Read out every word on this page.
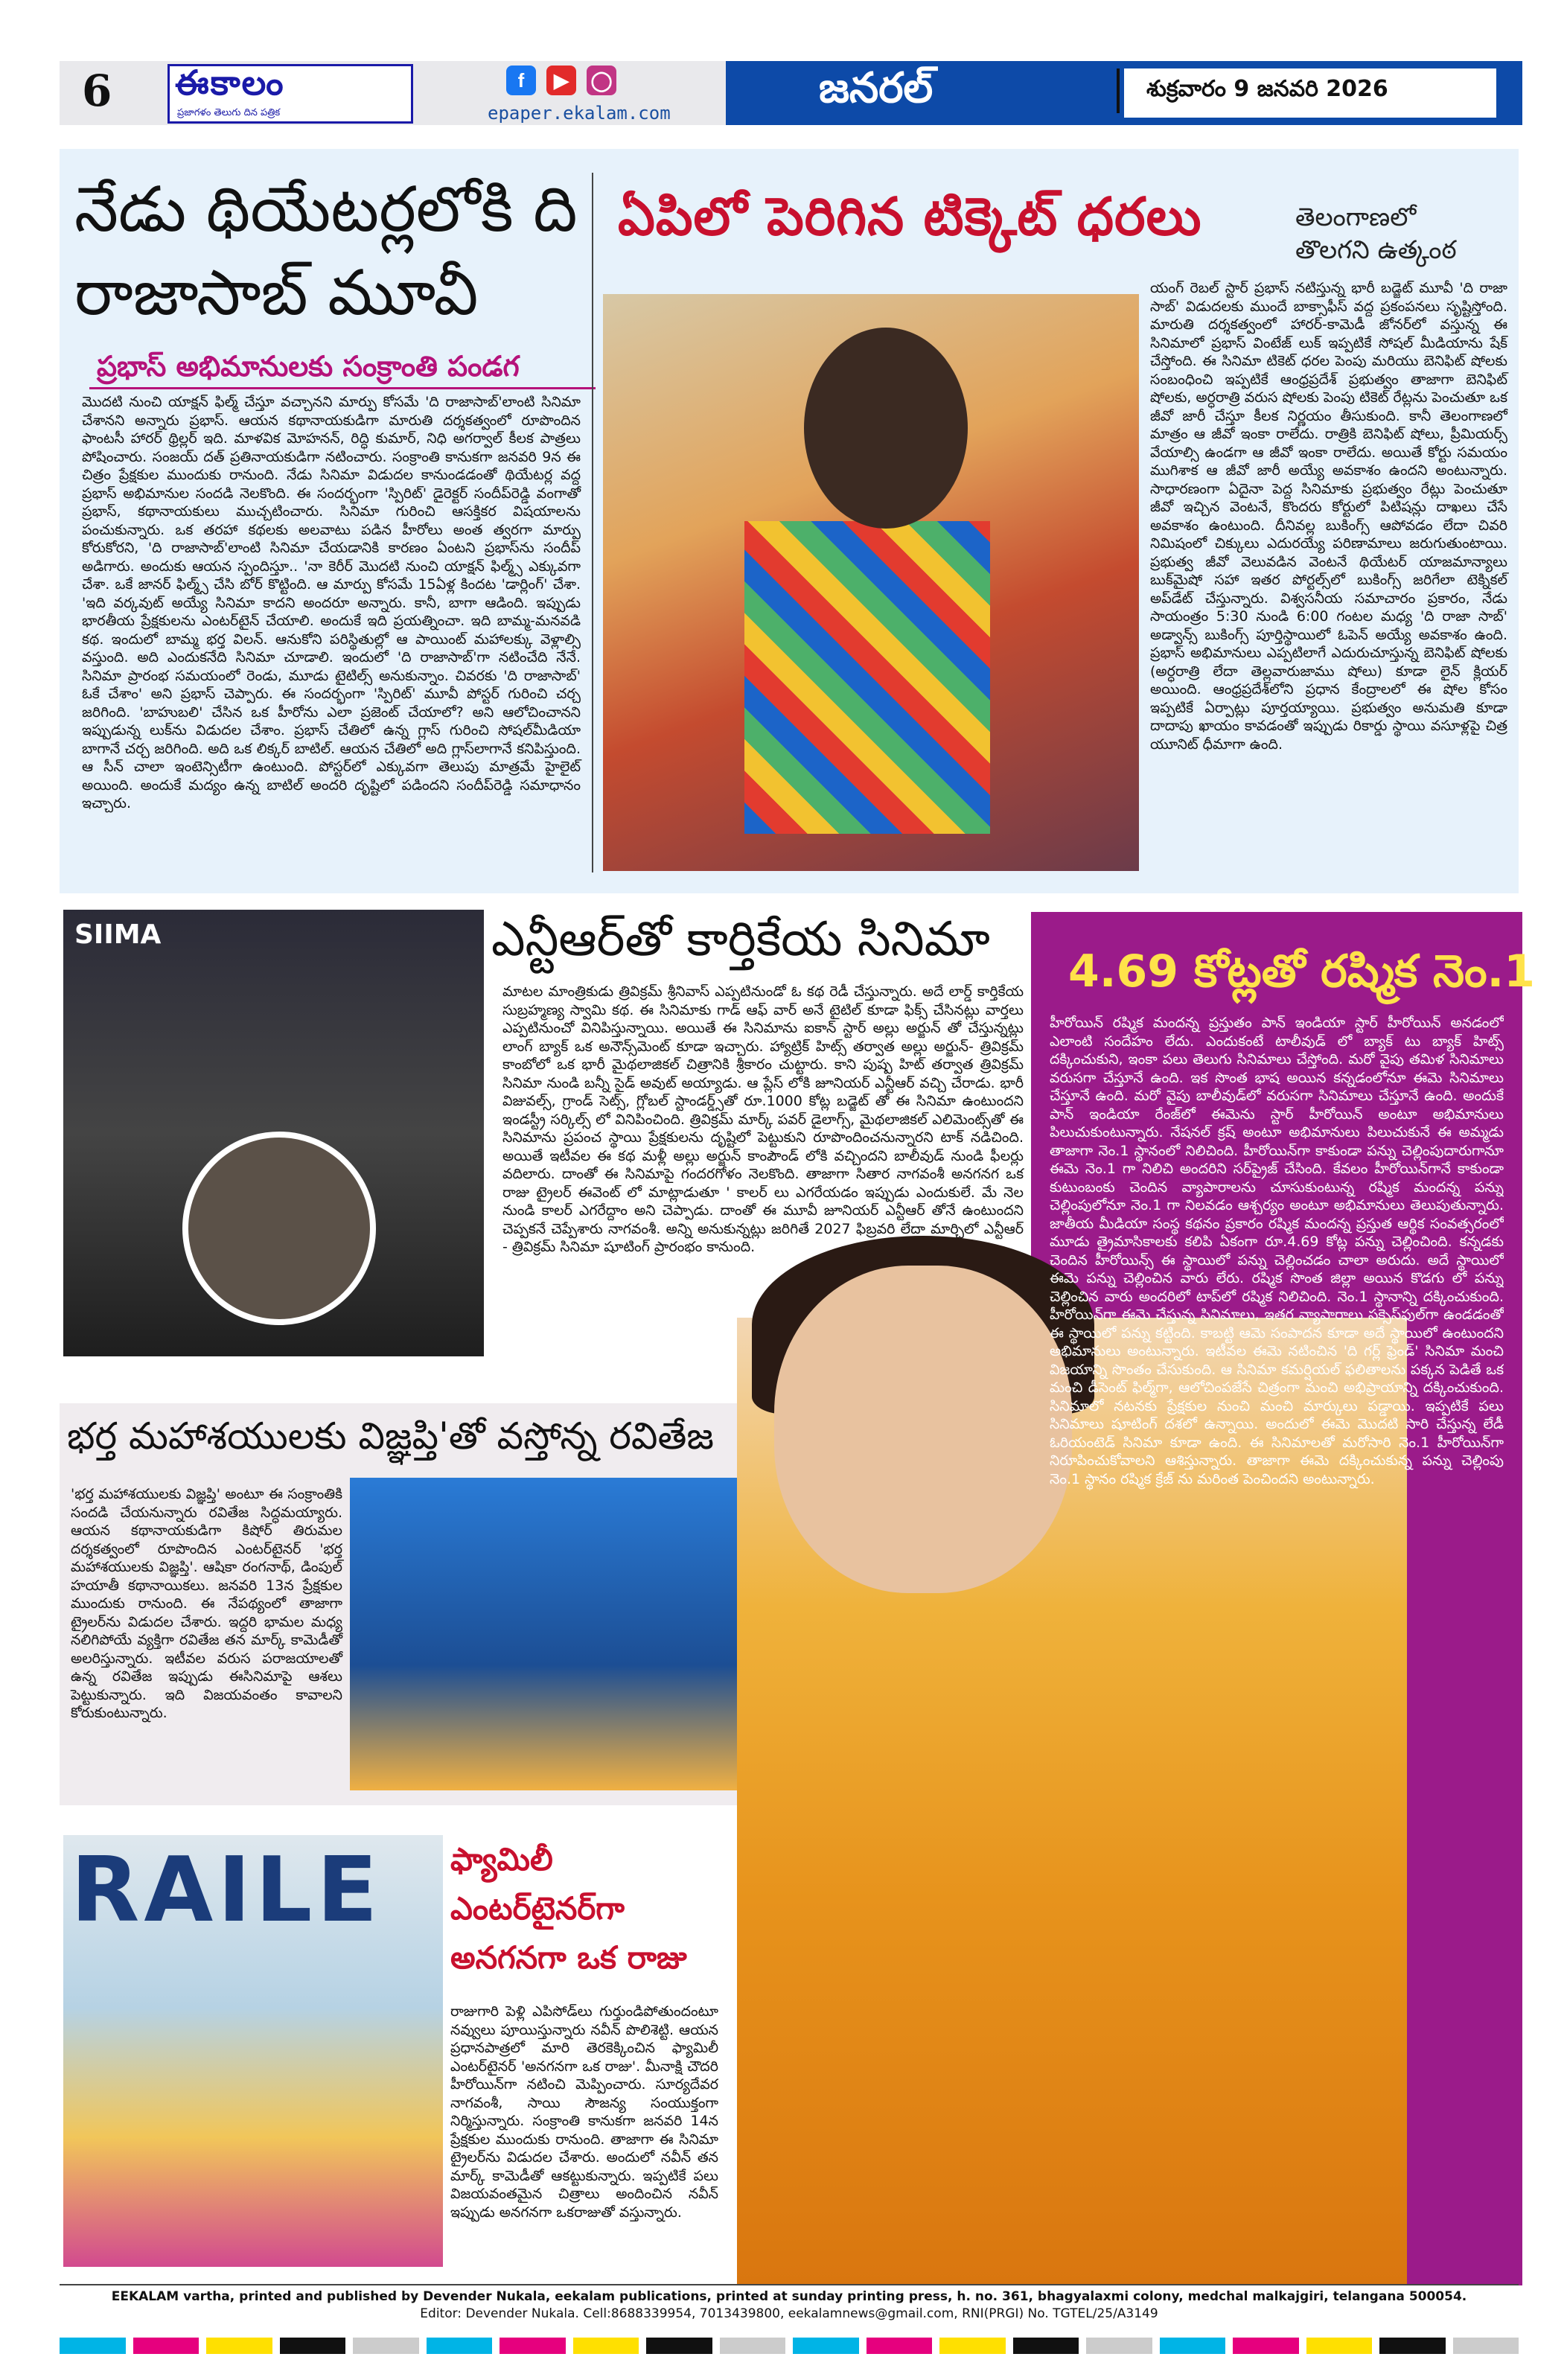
6 ఈకాలం
ప్రజాగళం తెలుగు దిన పత్రిక
f	▶	◯
epaper.ekalam.com
జనరల్	శుక్రవారం 9 జనవరి 2026
నేడు థియేటర్లలోకి ది రాజాసాబ్ మూవీ
ప్రభాస్ అభిమానులకు సంక్రాంతి పండగ
మొదటి నుంచి యాక్షన్ ఫిల్మ్ చేస్తూ వచ్చానని మార్పు కోసమే 'ది రాజాసాబ్'లాంటి సినిమా చేశానని అన్నారు ప్రభాస్. ఆయన కథానాయకుడిగా మారుతి దర్శకత్వంలో రూపొందిన ఫాంటసీ హారర్ థ్రిల్లర్ ఇది. మాళవిక మోహనన్, రిద్ధి కుమార్, నిధి అగర్వాల్ కీలక పాత్రలు పోషించారు. సంజయ్ దత్ ప్రతినాయకుడిగా నటించారు. సంక్రాంతి కానుకగా జనవరి 9న ఈ చిత్రం ప్రేక్షకుల ముందుకు రానుంది. నేడు సినిమా విడుదల కానుండడంతో థియేటర్ల వద్ద ప్రభాస్ అభిమానుల సందడి నెలకొంది. ఈ సందర్భంగా 'స్పిరిట్' డైరెక్టర్ సందీప్‌రెడ్డి వంగాతో ప్రభాస్, కథానాయకులు ముచ్చటించారు. సినిమా గురించి ఆసక్తికర విషయాలను పంచుకున్నారు. ఒక తరహా కథలకు అలవాటు పడిన హీరోలు అంత త్వరగా మార్పు కోరుకోరని, 'ది రాజాసాబ్'లాంటి సినిమా చేయడానికి కారణం ఏంటని ప్రభాస్‌ను సందీప్ అడిగారు. అందుకు ఆయన స్పందిస్తూ.. 'నా కెరీర్ మొదటి నుంచి యాక్షన్ ఫిల్మ్స్ ఎక్కువగా చేశా. ఒకే జానర్ ఫిల్మ్స్ చేసి బోర్ కొట్టింది. ఆ మార్పు కోసమే 15ఏళ్ల కిందట 'డార్లింగ్' చేశా. 'ఇది వర్కవుట్ అయ్యే సినిమా కాదని అందరూ అన్నారు. కానీ, బాగా ఆడింది. ఇప్పుడు భారతీయ ప్రేక్షకులను ఎంటర్‌టైన్ చేయాలి. అందుకే ఇది ప్రయత్నించా. ఇది బామ్మ-మనవడి కథ. ఇందులో బామ్మ భర్త విలన్. ఆనుకోని పరిస్థితుల్లో ఆ పాయింట్ మహాలక్కు వెళ్లాల్సి వస్తుంది. అది ఎందుకనేది సినిమా చూడాలి. ఇందులో 'ది రాజాసాబ్'గా నటించేది నేనే. సినిమా ప్రారంభ సమయంలో రెండు, మూడు టైటిల్స్ అనుకున్నాం. చివరకు 'ది రాజాసాబ్' ఓకే చేశాం' అని ప్రభాస్ చెప్పారు. ఈ సందర్భంగా 'స్పిరిట్' మూవీ పోస్టర్ గురించి చర్చ జరిగింది. 'బాహుబలి' చేసిన ఒక హీరోను ఎలా ప్రజెంట్ చేయాలో? అని ఆలోచించానని ఇప్పుడున్న లుక్‌ను విడుదల చేశాం. ప్రభాస్ చేతిలో ఉన్న గ్లాస్ గురించి సోషల్‌మీడియా బాగానే చర్చ జరిగింది. అది ఒక లిక్కర్ బాటిల్. ఆయన చేతిలో అది గ్లాస్‌లాగానే కనిపిస్తుంది. ఆ సీన్ చాలా ఇంటెన్సిటీగా ఉంటుంది. పోస్టర్‌లో ఎక్కువగా తెలుపు మాత్రమే హైలైట్ అయింది. అందుకే మద్యం ఉన్న బాటిల్ అందరి దృష్టిలో పడిందని సందీప్‌రెడ్డి సమాధానం ఇచ్చారు.
ఏపిలో పెరిగిన టిక్కెట్ ధరలు	తెలంగాణలో
తొలగని ఉత్కంఠ
యంగ్ రెబల్ స్టార్ ప్రభాస్ నటిస్తున్న భారీ బడ్జెట్ మూవీ 'ది రాజా సాబ్' విడుదలకు ముందే బాక్సాఫీస్ వద్ద ప్రకంపనలు సృష్టిస్తోంది. మారుతి దర్శకత్వంలో హారర్-కామెడీ జోనర్‌లో వస్తున్న ఈ సినిమాలో ప్రభాస్ వింటేజ్ లుక్ ఇప్పటికే సోషల్ మీడియాను షేక్ చేస్తోంది. ఈ సినిమా టికెట్ ధరల పెంపు మరియు బెనిఫిట్ షోలకు సంబంధించి ఇప్పటికే ఆంధ్రప్రదేశ్ ప్రభుత్వం తాజాగా బెనిఫిట్ షోలకు, అర్ధరాత్రి వరుస షోలకు పెంపు టికెట్ రేట్లను పెంచుతూ ఒక జీవో జారీ చేస్తూ కీలక నిర్ణయం తీసుకుంది. కానీ తెలంగాణలో మాత్రం ఆ జీవో ఇంకా రాలేదు. రాత్రికి బెనిఫిట్ షోలు, ప్రీమియర్స్ వేయాల్సి ఉండగా ఆ జీవో ఇంకా రాలేదు. అయితే కోర్టు సమయం ముగిశాక ఆ జీవో జారీ అయ్యే అవకాశం ఉందని అంటున్నారు. సాధారణంగా ఏదైనా పెద్ద సినిమాకు ప్రభుత్వం రేట్లు పెంచుతూ జీవో ఇచ్చిన వెంటనే, కొందరు కోర్టులో పిటిషన్లు దాఖలు చేసే అవకాశం ఉంటుంది. దీనివల్ల బుకింగ్స్ ఆపోవడం లేదా చివరి నిమిషంలో చిక్కులు ఎదురయ్యే పరిణామాలు జరుగుతుంటాయి. ప్రభుత్వ జీవో వెలువడిన వెంటనే థియేటర్ యాజమాన్యాలు బుక్‌మైషో సహా ఇతర పోర్టల్స్‌లో బుకింగ్స్ జరిగేలా టెక్నికల్ అప్‌డేట్ చేస్తున్నారు. విశ్వసనీయ సమాచారం ప్రకారం, నేడు సాయంత్రం 5:30 నుండి 6:00 గంటల మధ్య 'ది రాజా సాబ్' అడ్వాన్స్ బుకింగ్స్ పూర్తిస్థాయిలో ఓపెన్ అయ్యే అవకాశం ఉంది. ప్రభాస్ అభిమానులు ఎప్పటిలాగే ఎదురుచూస్తున్న బెనిఫిట్ షోలకు (అర్ధరాత్రి లేదా తెల్లవారుజాము షోలు) కూడా లైన్ క్లియర్ అయింది. ఆంధ్రప్రదేశ్‌లోని ప్రధాన కేంద్రాలలో ఈ షోల కోసం ఇప్పటికే ఏర్పాట్లు పూర్తయ్యాయి. ప్రభుత్వం అనుమతి కూడా దాదాపు ఖాయం కావడంతో ఇప్పుడు రికార్డు స్థాయి వసూళ్లపై చిత్ర యూనిట్ ధీమాగా ఉంది.
SIIMA	ఎన్టీఆర్‌తో కార్తికేయ సినిమా
మాటల మాంత్రికుడు త్రివిక్రమ్ శ్రీనివాస్ ఎప్పటినుండో ఓ కథ రెడీ చేస్తున్నారు. అదే లార్డ్ కార్తికేయ సుబ్రహ్మణ్య స్వామి కథ. ఈ సినిమాకు గాడ్ ఆఫ్ వార్ అనే టైటిల్ కూడా ఫిక్స్ చేసినట్లు వార్తలు ఎప్పటినుంచో వినిపిస్తున్నాయి. అయితే ఈ సినిమాను ఐకాన్ స్టార్ అల్లు అర్జున్ తో చేస్తున్నట్లు లాంగ్ బ్యాక్ ఒక అనౌన్స్‌మెంట్ కూడా ఇచ్చారు. హ్యాట్రిక్ హిట్స్ తర్వాత అల్లు అర్జున్- త్రివిక్రమ్ కాంబోలో ఒక భారీ మైథలాజికల్ చిత్రానికి శ్రీకారం చుట్టారు. కాని పుష్ప హిట్ తర్వాత త్రివిక్రమ్ సినిమా నుండి బన్నీ సైడ్ అవుట్ అయ్యాడు. ఆ ప్లేస్ లోకి జూనియర్ ఎన్టీఆర్ వచ్చి చేరాడు. భారీ విజువల్స్, గ్రాండ్ సెట్స్, గ్లోబల్ స్టాండర్డ్స్‌తో రూ.1000 కోట్ల బడ్జెట్ తో ఈ సినిమా ఉంటుందని ఇండస్ట్రీ సర్కిల్స్ లో వినిపించింది. త్రివిక్రమ్ మార్క్ పవర్ డైలాగ్స్, మైథలాజికల్ ఎలిమెంట్స్‌తో ఈ సినిమాను ప్రపంచ స్థాయి ప్రేక్షకులను దృష్టిలో పెట్టుకుని రూపొందించనున్నారని టాక్ నడిచింది. అయితే ఇటీవల ఈ కథ మళ్లీ అల్లు అర్జున్ కాంపౌండ్ లోకి వచ్చిందని బాలీవుడ్ నుండి ఫీలర్లు వదిలారు. దాంతో ఈ సినిమాపై గందరగోళం నెలకొంది. తాజాగా సితార నాగవంశీ అనగనగ ఒక రాజు ట్రైలర్ ఈవెంట్ లో మాట్లాడుతూ ' కాలర్ లు ఎగరేయడం ఇప్పుడు ఎందుకులే. మే నెల నుండి కాలర్ ఎగరేద్దాం అని చెప్పాడు. దాంతో ఈ మూవీ జూనియర్ ఎన్టీఆర్ తోనే ఉంటుందని చెప్పకనే చెప్పేశారు నాగవంశీ. అన్ని అనుకున్నట్లు జరిగితే 2027 ఫిబ్రవరి లేదా మార్చిలో ఎన్టీఆర్ - త్రివిక్రమ్ సినిమా షూటింగ్ ప్రారంభం కానుంది.
భర్త మహాశయులకు విజ్ఞప్తి'తో వస్తోన్న రవితేజ
'భర్త మహాశయులకు విజ్ఞప్తి' అంటూ ఈ సంక్రాంతికి సందడి చేయనున్నారు రవితేజ సిద్ధమయ్యారు. ఆయన కథానాయకుడిగా కిషోర్ తిరుమల దర్శకత్వంలో రూపొందిన ఎంటర్‌టైనర్ 'భర్త మహాశయులకు విజ్ఞప్తి'. ఆషికా రంగనాథ్, డింపుల్ హయాతీ కథానాయికలు. జనవరి 13న ప్రేక్షకుల ముందుకు రానుంది. ఈ నేపథ్యంలో తాజాగా ట్రైలర్‌ను విడుదల చేశారు. ఇద్దరి భామల మధ్య నలిగిపోయే వ్యక్తిగా రవితేజ తన మార్క్ కామెడీతో అలరిస్తున్నారు. ఇటీవల వరుస పరాజయాలతో ఉన్న రవితేజ ఇప్పుడు ఈసినిమాపై ఆశలు పెట్టుకున్నారు. ఇది విజయవంతం కావాలని కోరుకుంటున్నారు.
4.69 కోట్లతో రష్మిక నెం.1
హీరోయిన్ రష్మిక మందన్న ప్రస్తుతం పాన్ ఇండియా స్టార్ హీరోయిన్ అనడంలో ఎలాంటి సందేహం లేదు. ఎందుకంటే టాలీవుడ్ లో బ్యాక్ టు బ్యాక్ హిట్స్ దక్కించుకుని, ఇంకా పలు తెలుగు సినిమాలు చేస్తోంది. మరో వైపు తమిళ సినిమాలు వరుసగా చేస్తూనే ఉంది. ఇక సొంత భాష అయిన కన్నడంలోనూ ఈమె సినిమాలు చేస్తూనే ఉంది. మరో వైపు బాలీవుడ్‌లో వరుసగా సినిమాలు చేస్తూనే ఉంది. అందుకే పాన్ ఇండియా రేంజ్‌లో ఈమెను స్టార్ హీరోయిన్ అంటూ అభిమానులు పిలుచుకుంటున్నారు. నేషనల్ క్రష్ అంటూ అభిమానులు పిలుచుకునే ఈ అమ్మడు తాజాగా నెం.1 స్థానంలో నిలిచింది. హీరోయిన్‌గా కాకుండా పన్ను చెల్లింపుదారుగానూ ఈమె నెం.1 గా నిలిచి అందరిని సర్‌ప్రైజ్ చేసింది. కేవలం హీరోయిన్‌గానే కాకుండా కుటుంబంకు చెందిన వ్యాపారాలను చూసుకుంటున్న రష్మిక మందన్న పన్ను చెల్లింపులోనూ నెం.1 గా నిలవడం ఆశ్చర్యం అంటూ అభిమానులు తెలుపుతున్నారు. జాతీయ మీడియా సంస్థ కథనం ప్రకారం రష్మిక మందన్న ప్రస్తుత ఆర్థిక సంవత్సరంలో మూడు త్రైమాసికాలకు కలిపి ఏకంగా రూ.4.69 కోట్ల పన్ను చెల్లించింది. కన్నడకు చెందిన హీరోయిన్స్ ఈ స్థాయిలో పన్ను చెల్లించడం చాలా అరుదు. అదే స్థాయిలో ఈమె పన్ను చెల్లించిన వారు లేరు. రష్మిక సొంత జిల్లా అయిన కొడగు లో పన్ను చెల్లించిన వారు అందరిలో టాప్‌లో రష్మిక నిలిచింది. నెం.1 స్థానాన్ని దక్కించుకుంది. హీరోయిన్‌గా ఈమె చేస్తున్న సినిమాలు, ఇతర వ్యాపారాలు సక్సెస్‌ఫుల్‌గా ఉండడంతో ఈ స్థాయిలో పన్ను కట్టింది. కాబట్టి ఆమె సంపాదన కూడా అదే స్థాయిలో ఉంటుందని అభిమానులు అంటున్నారు. ఇటీవల ఈమె నటించిన 'ది గర్ల్ ఫ్రెండ్' సినిమా మంచి విజయాన్ని సొంతం చేసుకుంది. ఆ సినిమా కమర్షియల్ ఫలితాలను పక్కన పెడితే ఒక మంచి డీసెంట్ ఫిల్మ్‌గా, ఆలోచింపజేసే చిత్రంగా మంచి అభిప్రాయాన్ని దక్కించుకుంది. సినిమాలో నటనకు ప్రేక్షకుల నుంచి మంచి మార్కులు పడ్డాయి. ఇప్పటికే పలు సినిమాలు షూటింగ్ దశలో ఉన్నాయి. అందులో ఈమె మొదటి సారి చేస్తున్న లేడీ ఓరియంటెడ్ సినిమా కూడా ఉంది. ఈ సినిమాలతో మరోసారి నెం.1 హీరోయిన్‌గా నిరూపించుకోవాలని ఆశిస్తున్నారు. తాజాగా ఈమె దక్కించుకున్న పన్ను చెల్లింపు నెం.1 స్థానం రష్మిక క్రేజ్ ను మరింత పెంచిందని అంటున్నారు.
RAILE ఫ్యామిలీ
ఎంటర్‌టైనర్‌గా
అనగనగా ఒక రాజు
రాజుగారి పెళ్లి ఎపిసోడ్‌లు గుర్తుండిపోతుందంటూ నవ్వులు పూయిస్తున్నారు నవీన్ పొలిశెట్టి. ఆయన ప్రధానపాత్రలో మారి తెరకెక్కించిన ఫ్యామిలీ ఎంటర్‌టైనర్ 'అనగనగా ఒక రాజు'. మీనాక్షి చౌదరి హీరోయిన్‌గా నటించి మెప్పించారు. సూర్యదేవర నాగవంశీ, సాయి సౌజన్య సంయుక్తంగా నిర్మిస్తున్నారు. సంక్రాంతి కానుకగా జనవరి 14న ప్రేక్షకుల ముందుకు రానుంది. తాజాగా ఈ సినిమా ట్రైలర్‌ను విడుదల చేశారు. అందులో నవీన్ తన మార్క్ కామెడీతో ఆకట్టుకున్నారు. ఇప్పటికే పలు విజయవంతమైన చిత్రాలు అందించిన నవీన్ ఇప్పుడు అనగనగా ఒకరాజుతో వస్తున్నారు.
EEKALAM vartha, printed and published by Devender Nukala, eekalam publications, printed at sunday printing press, h. no. 361, bhagyalaxmi colony, medchal malkajgiri, telangana 500054.
Editor: Devender Nukala. Cell:8688339954, 7013439800, eekalamnews@gmail.com, RNI(PRGI) No. TGTEL/25/A3149
